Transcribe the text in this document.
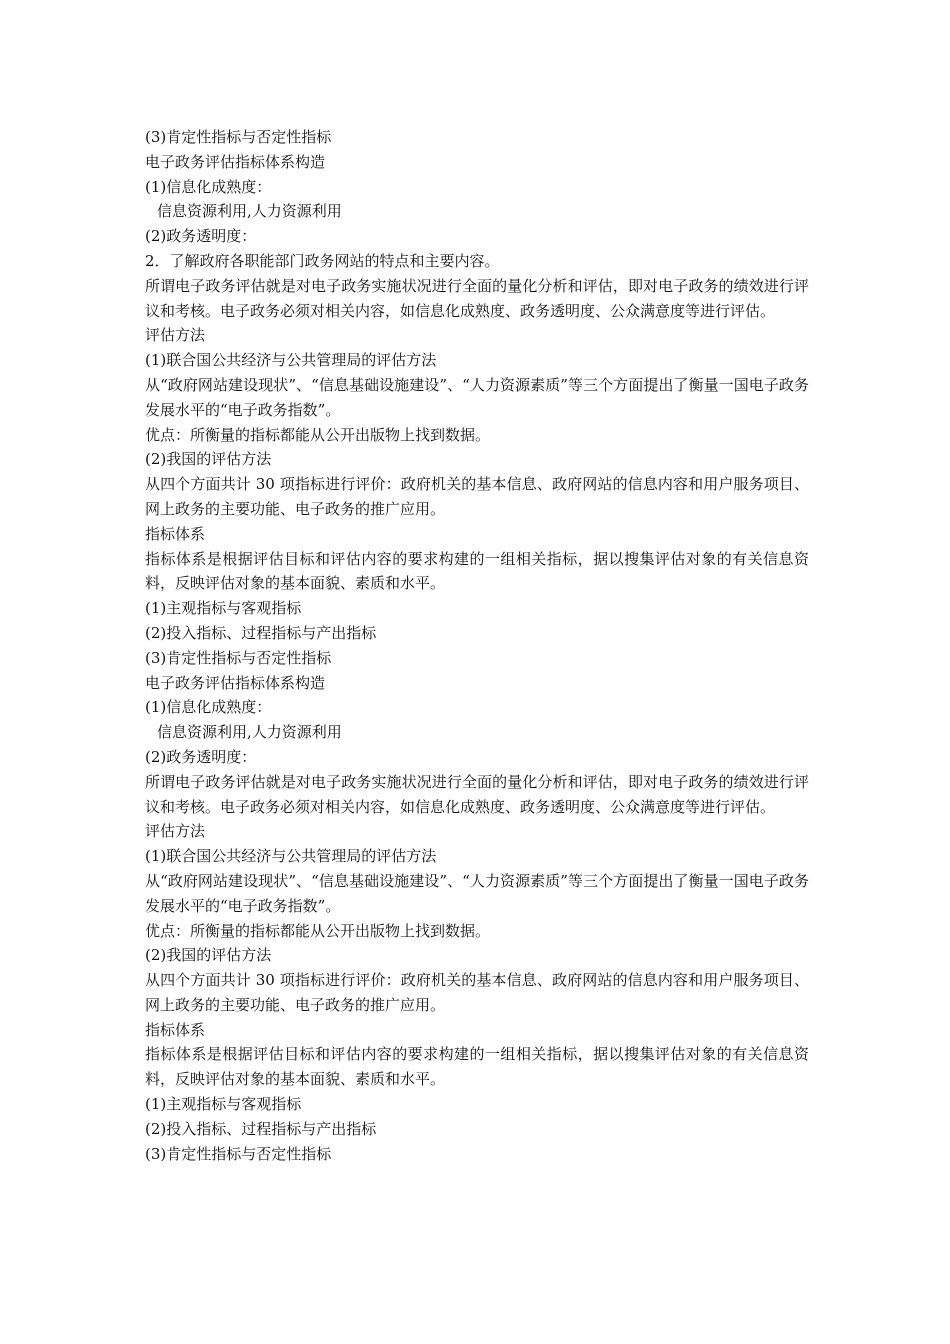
(3)肯定性指标与否定性指标
电子政务评估指标体系构造
(1)信息化成熟度：
信息资源利用,人力资源利用
(2)政务透明度：
2．了解政府各职能部门政务网站的特点和主要内容。
所谓电子政务评估就是对电子政务实施状况进行全面的量化分析和评估，即对电子政务的绩效进行评议和考核。电子政务必须对相关内容，如信息化成熟度、政务透明度、公众满意度等进行评估。
评估方法
(1)联合国公共经济与公共管理局的评估方法
从“政府网站建设现状”、“信息基础设施建设”、“人力资源素质”等三个方面提出了衡量一国电子政务发展水平的“电子政务指数”。
优点：所衡量的指标都能从公开出版物上找到数据。
(2)我国的评估方法
从四个方面共计 30 项指标进行评价：政府机关的基本信息、政府网站的信息内容和用户服务项目、网上政务的主要功能、电子政务的推广应用。
指标体系
指标体系是根据评估目标和评估内容的要求构建的一组相关指标，据以搜集评估对象的有关信息资料，反映评估对象的基本面貌、素质和水平。
(1)主观指标与客观指标
(2)投入指标、过程指标与产出指标
(3)肯定性指标与否定性指标
电子政务评估指标体系构造
(1)信息化成熟度：
信息资源利用,人力资源利用
(2)政务透明度：
所谓电子政务评估就是对电子政务实施状况进行全面的量化分析和评估，即对电子政务的绩效进行评议和考核。电子政务必须对相关内容，如信息化成熟度、政务透明度、公众满意度等进行评估。
评估方法
(1)联合国公共经济与公共管理局的评估方法
从“政府网站建设现状”、“信息基础设施建设”、“人力资源素质”等三个方面提出了衡量一国电子政务发展水平的“电子政务指数”。
优点：所衡量的指标都能从公开出版物上找到数据。
(2)我国的评估方法
从四个方面共计 30 项指标进行评价：政府机关的基本信息、政府网站的信息内容和用户服务项目、网上政务的主要功能、电子政务的推广应用。
指标体系
指标体系是根据评估目标和评估内容的要求构建的一组相关指标，据以搜集评估对象的有关信息资料，反映评估对象的基本面貌、素质和水平。
(1)主观指标与客观指标
(2)投入指标、过程指标与产出指标
(3)肯定性指标与否定性指标
